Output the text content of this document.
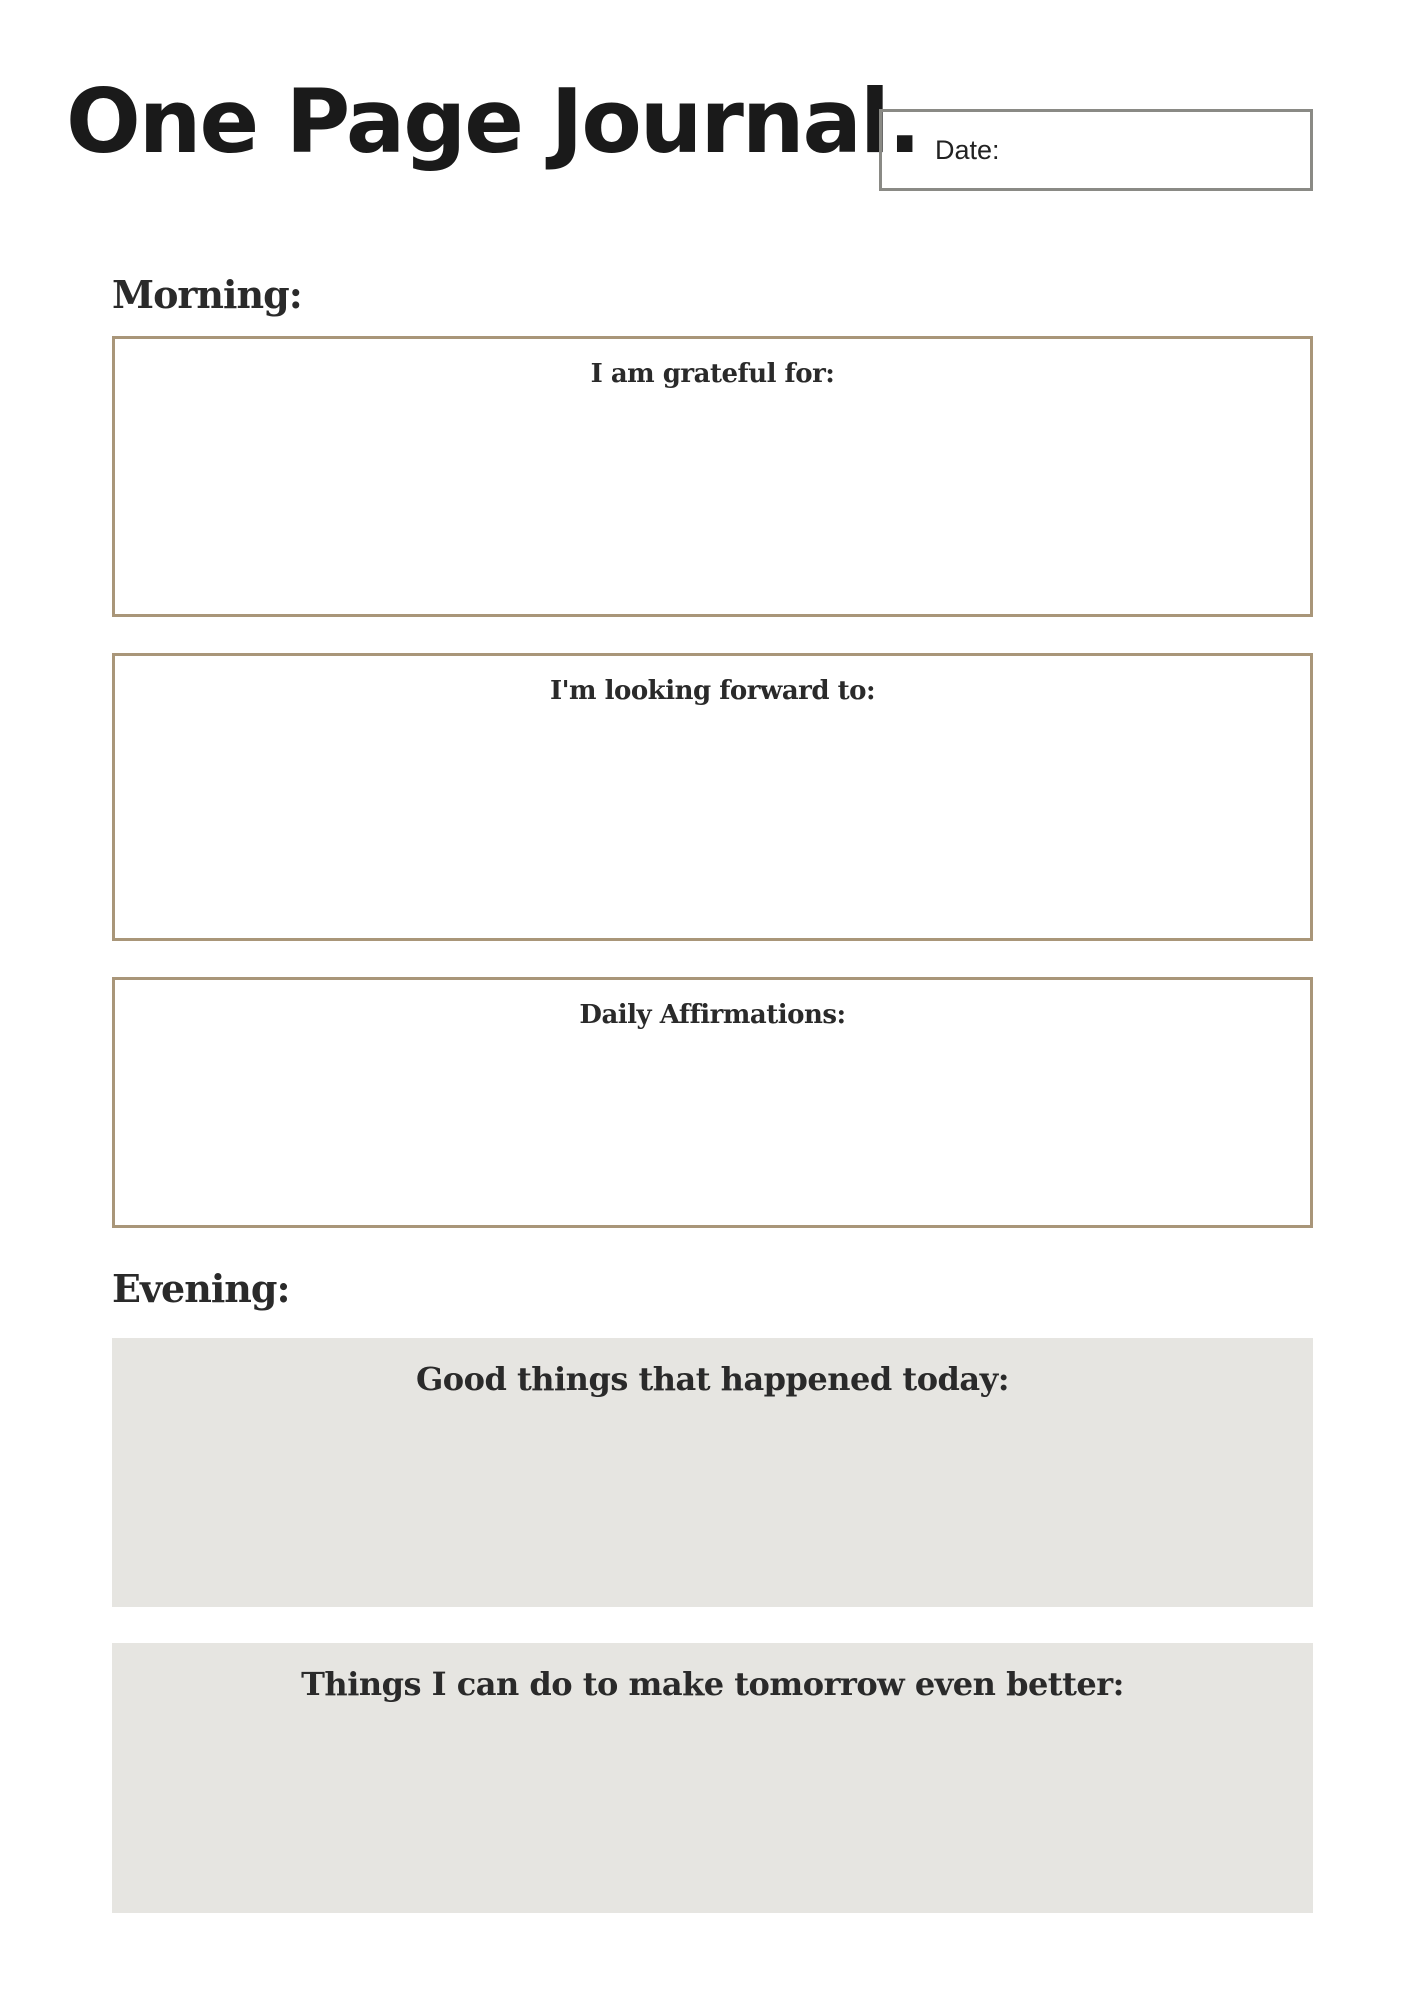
One Page Journal. Date:
Morning:
I am grateful for:
I'm looking forward to:
Daily Affirmations:
Evening:
Good things that happened today:
Things I can do to make tomorrow even better:
